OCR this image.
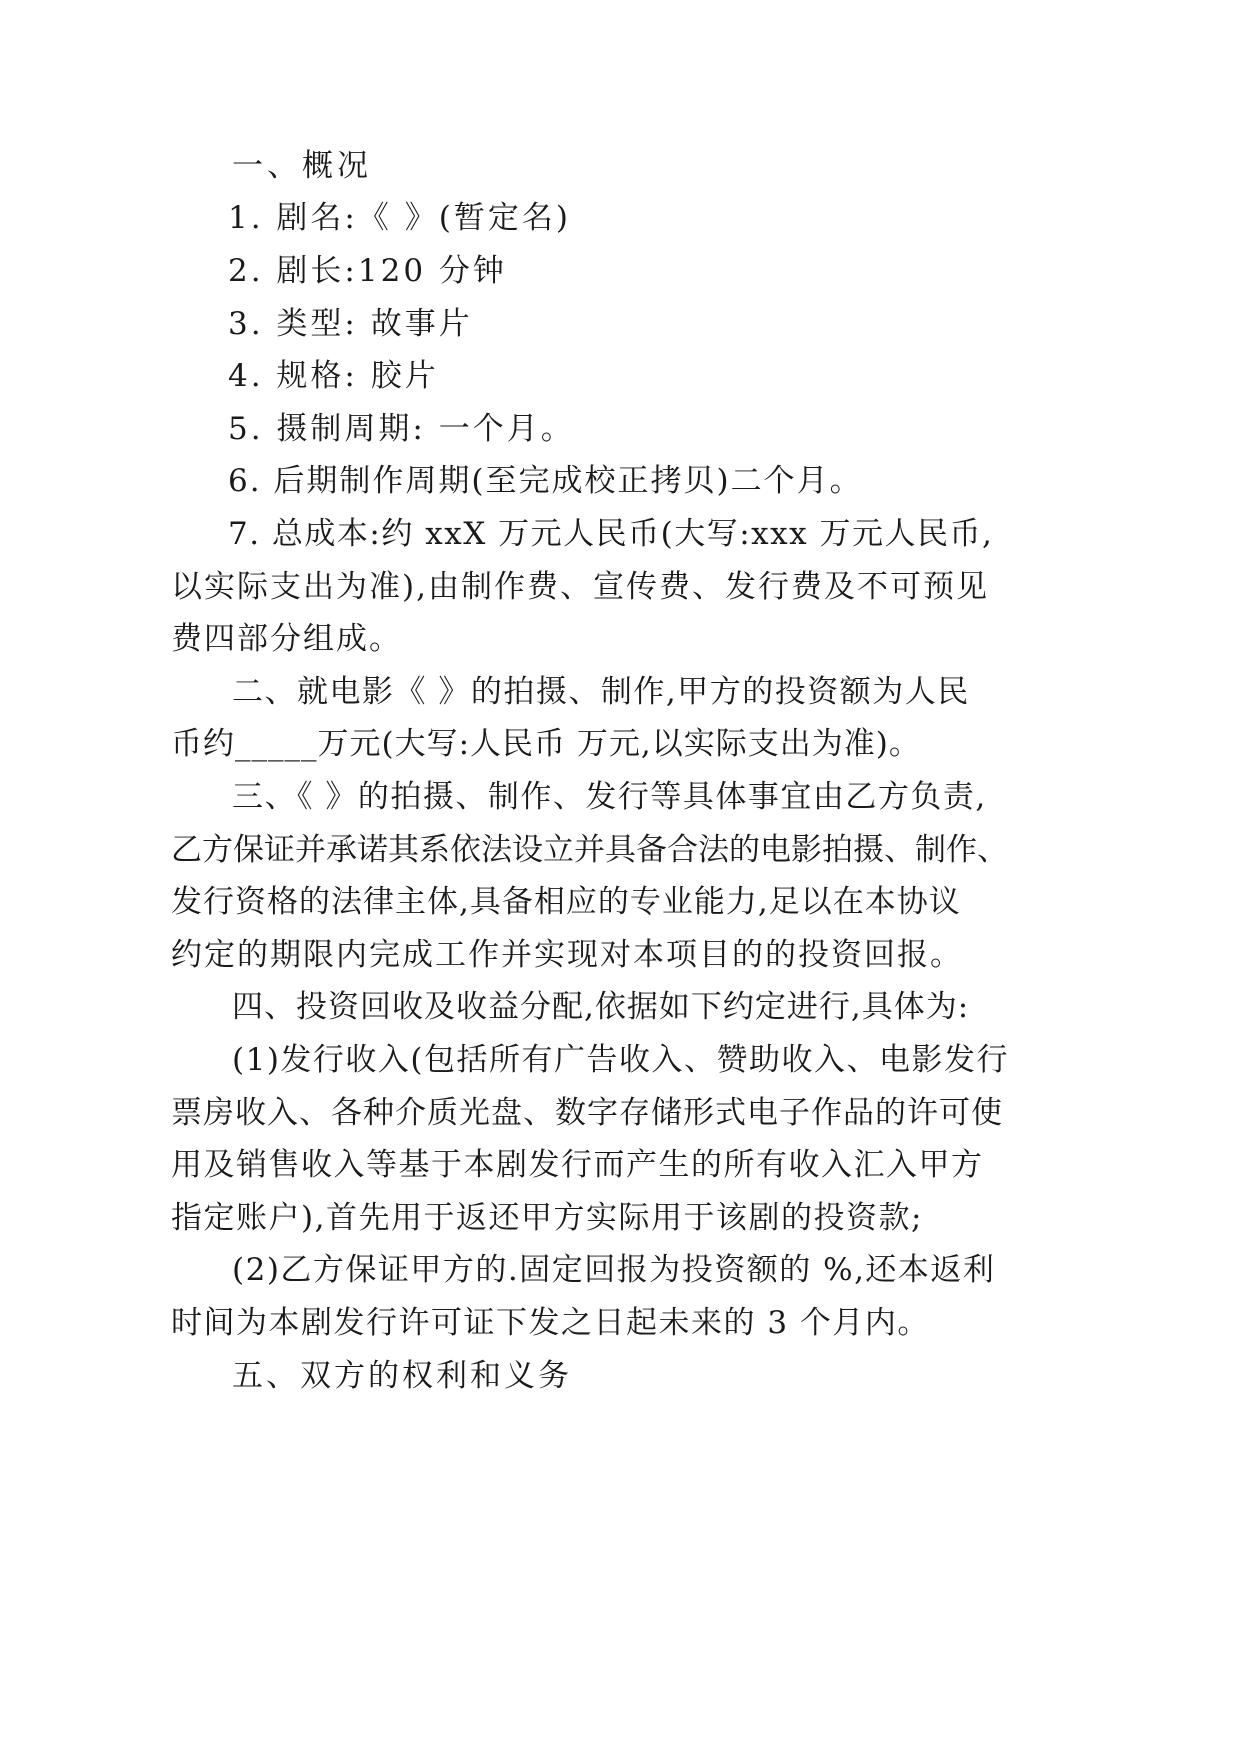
一、概况

1. 剧名:《 》(暂定名)

2. 剧长:120 分钟

3. 类型: 故事片

4. 规格: 胶片

5. 摄制周期: 一个月。

6. 后期制作周期(至完成校正拷贝)二个月。

7. 总成本:约 xxX 万元人民币(大写:xxx 万元人民币,

以实际支出为准),由制作费、宣传费、发行费及不可预见

费四部分组成。

二、就电影《 》的拍摄、制作,甲方的投资额为人民

币约_____万元(大写:人民币 万元,以实际支出为准)。

三、《 》的拍摄、制作、发行等具体事宜由乙方负责,

乙方保证并承诺其系依法设立并具备合法的电影拍摄、制作、

发行资格的法律主体,具备相应的专业能力,足以在本协议

约定的期限内完成工作并实现对本项目的的投资回报。

四、投资回收及收益分配,依据如下约定进行,具体为:

(1)发行收入(包括所有广告收入、赞助收入、电影发行

票房收入、各种介质光盘、数字存储形式电子作品的许可使

用及销售收入等基于本剧发行而产生的所有收入汇入甲方

指定账户),首先用于返还甲方实际用于该剧的投资款;

(2)乙方保证甲方的.固定回报为投资额的 %,还本返利

时间为本剧发行许可证下发之日起未来的 3 个月内。

五、双方的权利和义务
